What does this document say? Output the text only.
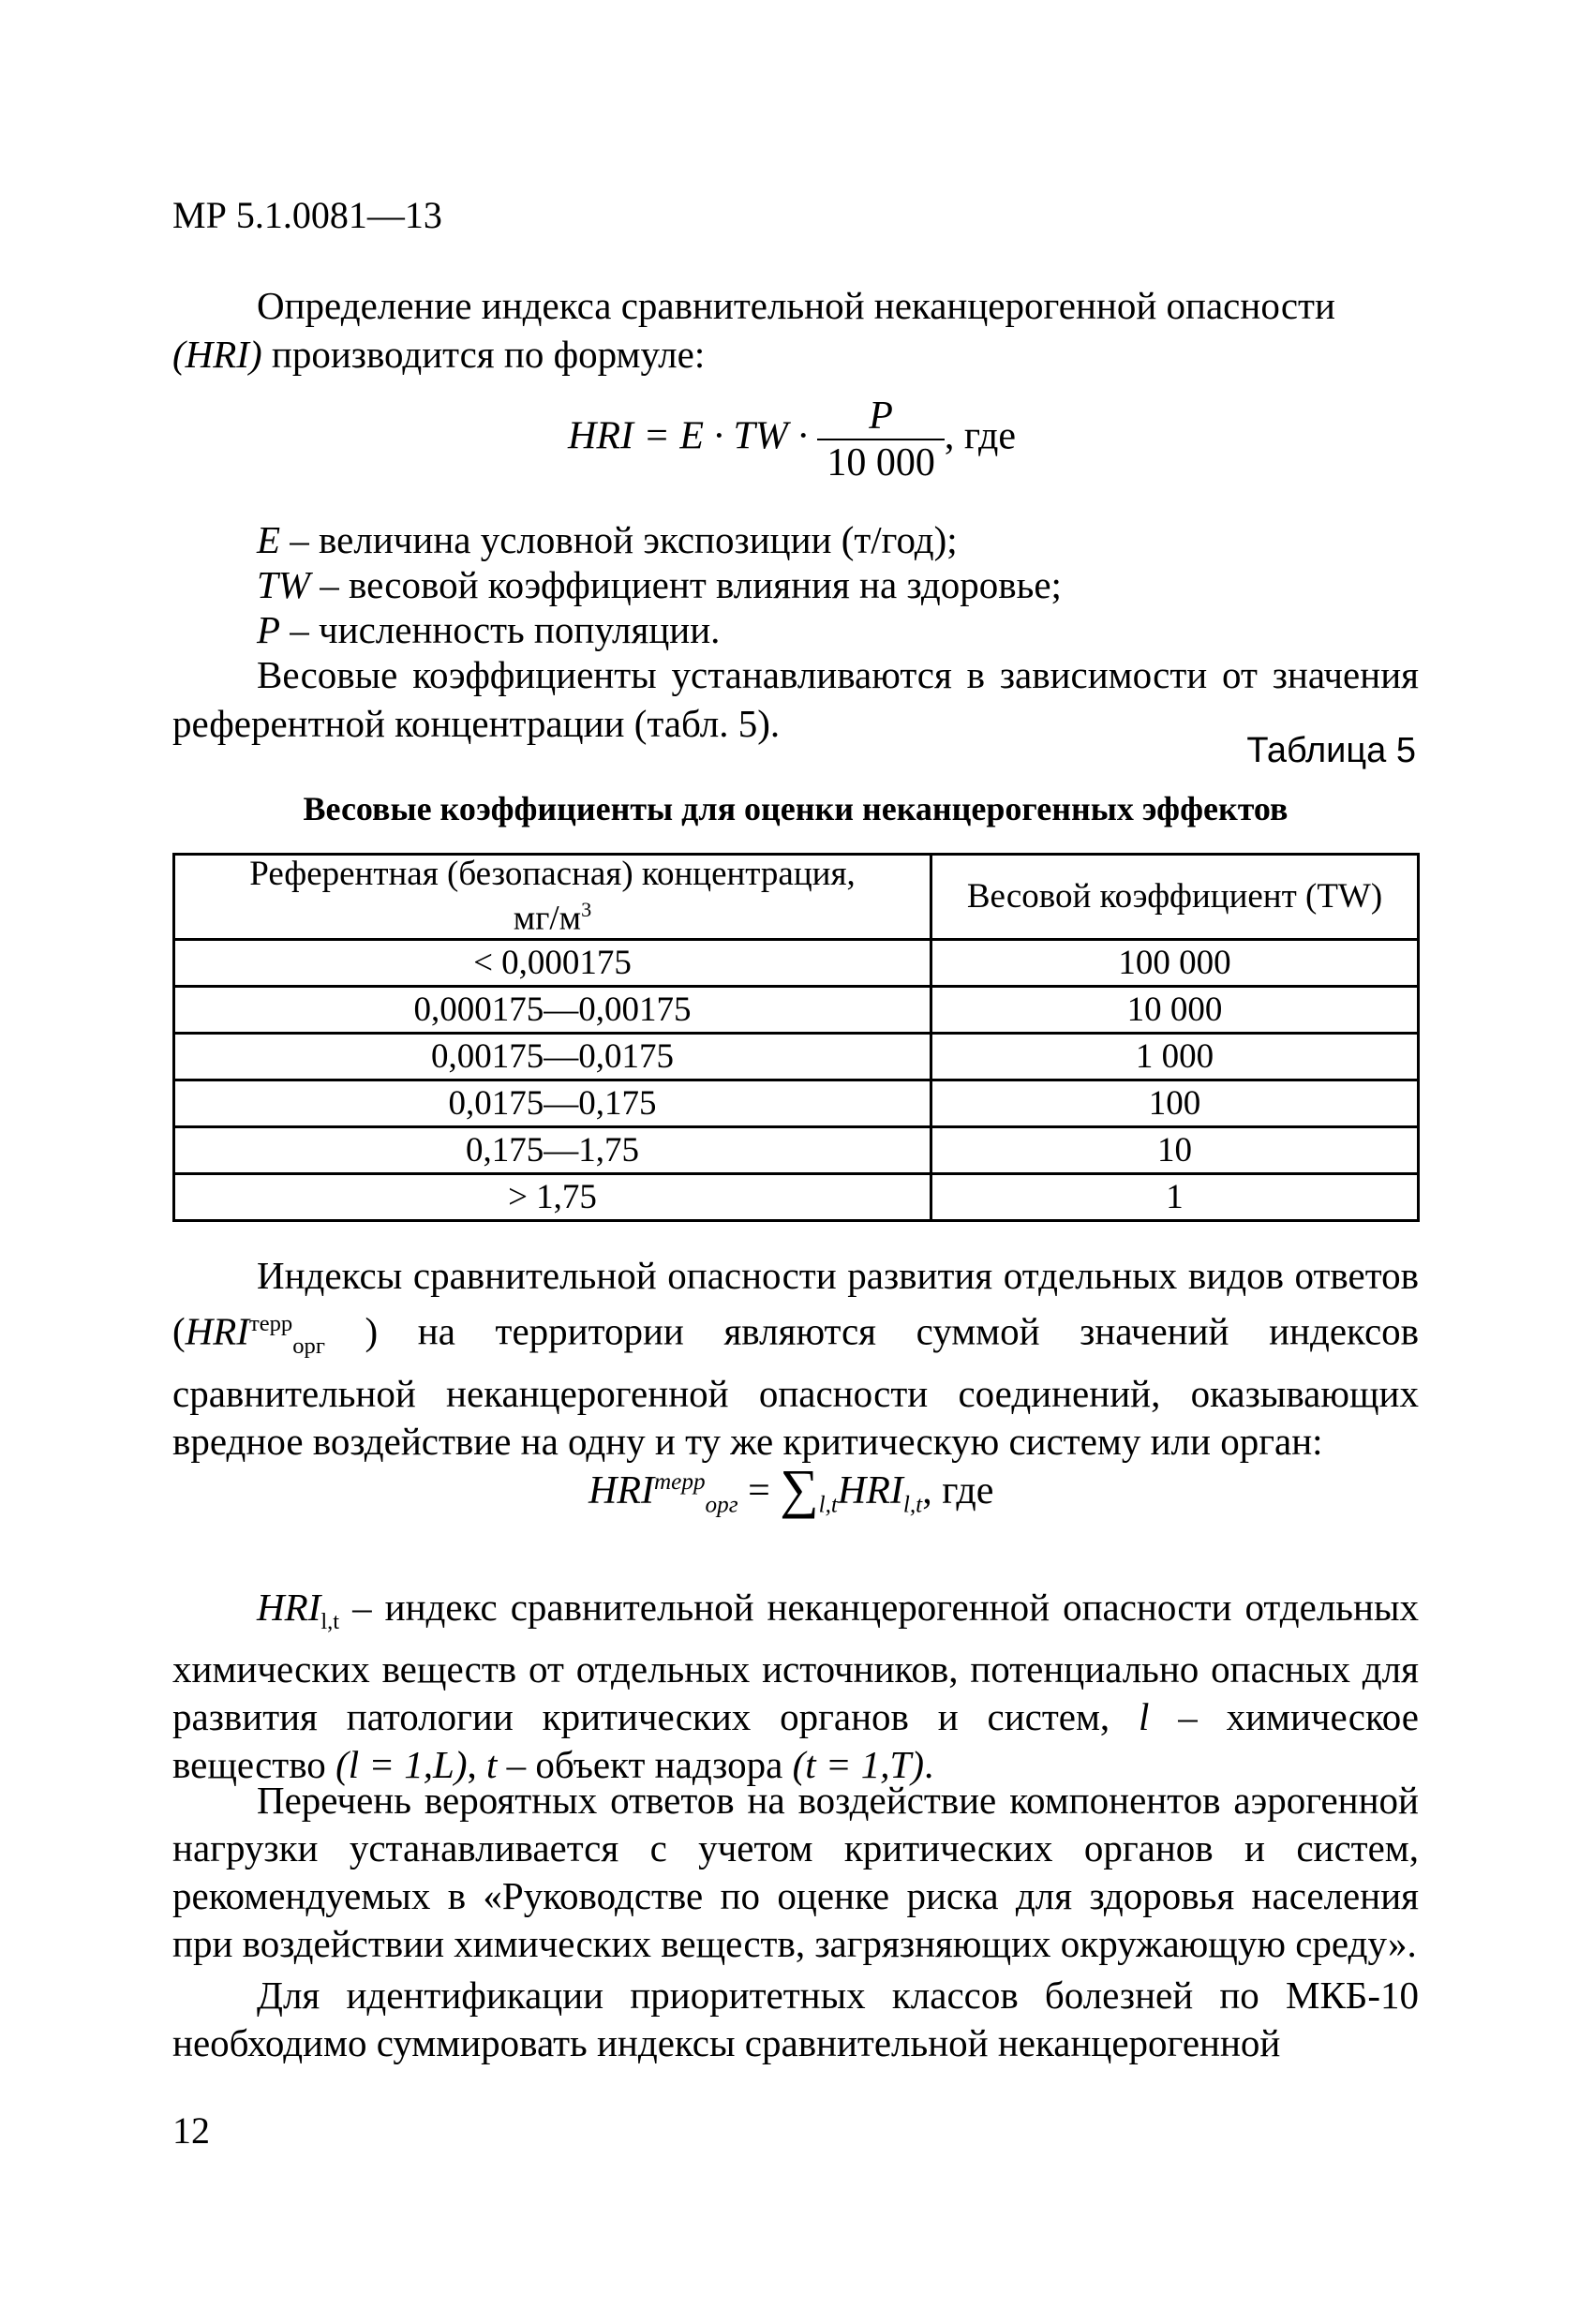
МР 5.1.0081—13
Определение индекса сравнительной неканцерогенной опасности
(HRI) производится по формуле:
HRI = E · TW · $\frac{P}{10 000}$ , где
E – величина условной экспозиции (т/год);
TW – весовой коэффициент влияния на здоровье;
P – численность популяции.
Весовые коэффициенты устанавливаются в зависимости от значения референтной концентрации (табл. 5).
Таблица 5
Весовые коэффициенты для оценки неканцерогенных эффектов
Референтная (безопасная) концентрация,
$мг/м^3$	Весовой коэффициент (TW)
< 0,000175	100 000
0,000175—0,00175	10 000
0,00175—0,0175	1 000
0,0175—0,175	100
0,175—1,75	10
> 1,75	1
Индексы сравнительной опасности развития отдельных видов ответов ($HRI^{терр}_{орг}$ ) на территории являются суммой значений индексов сравнительной неканцерогенной опасности соединений, оказывающих вредное воздействие на одну и ту же критическую систему или орган:
$HRI^{терр}_{орг} = \sum_{l,t}HRI_{l,t}$, где
$HRI_{l,t}$ – индекс сравнительной неканцерогенной опасности отдельных химических веществ от отдельных источников, потенциально опасных для развития патологии критических органов и систем, l – химическое вещество (l = 1,L), t – объект надзора (t = 1,T).
Перечень вероятных ответов на воздействие компонентов аэрогенной нагрузки устанавливается с учетом критических органов и систем, рекомендуемых в «Руководстве по оценке риска для здоровья населения при воздействии химических веществ, загрязняющих окружающую среду».
Для идентификации приоритетных классов болезней по МКБ-10 необходимо суммировать индексы сравнительной неканцерогенной
12
